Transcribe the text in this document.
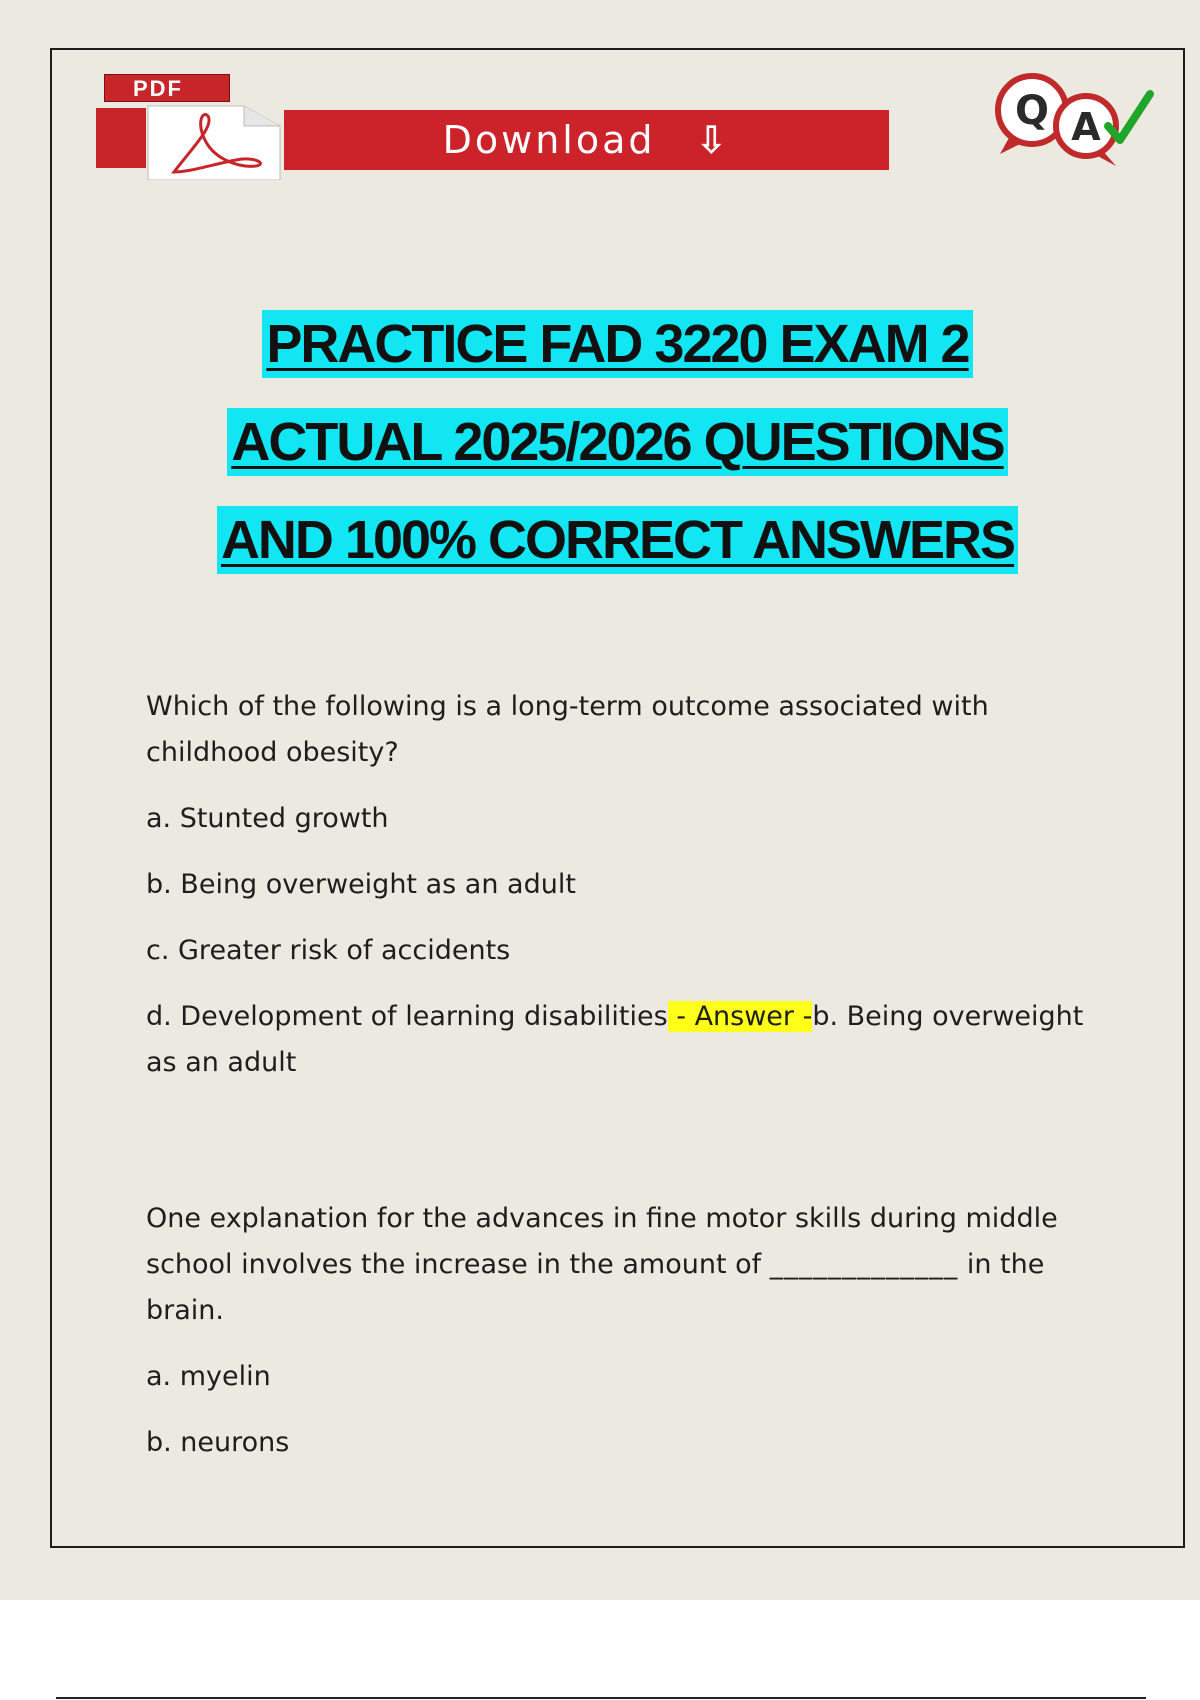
Download ⇩
PDF	Q A
PRACTICE FAD 3220 EXAM 2
ACTUAL 2025/2026 QUESTIONS
AND 100% CORRECT ANSWERS

Which of the following is a long-term outcome associated with childhood obesity?

a. Stunted growth

b. Being overweight as an adult

c. Greater risk of accidents

d. Development of learning disabilities - Answer -b. Being overweight as an adult

One explanation for the advances in fine motor skills during middle school involves the increase in the amount of _____________ in the brain.

a. myelin

b. neurons
